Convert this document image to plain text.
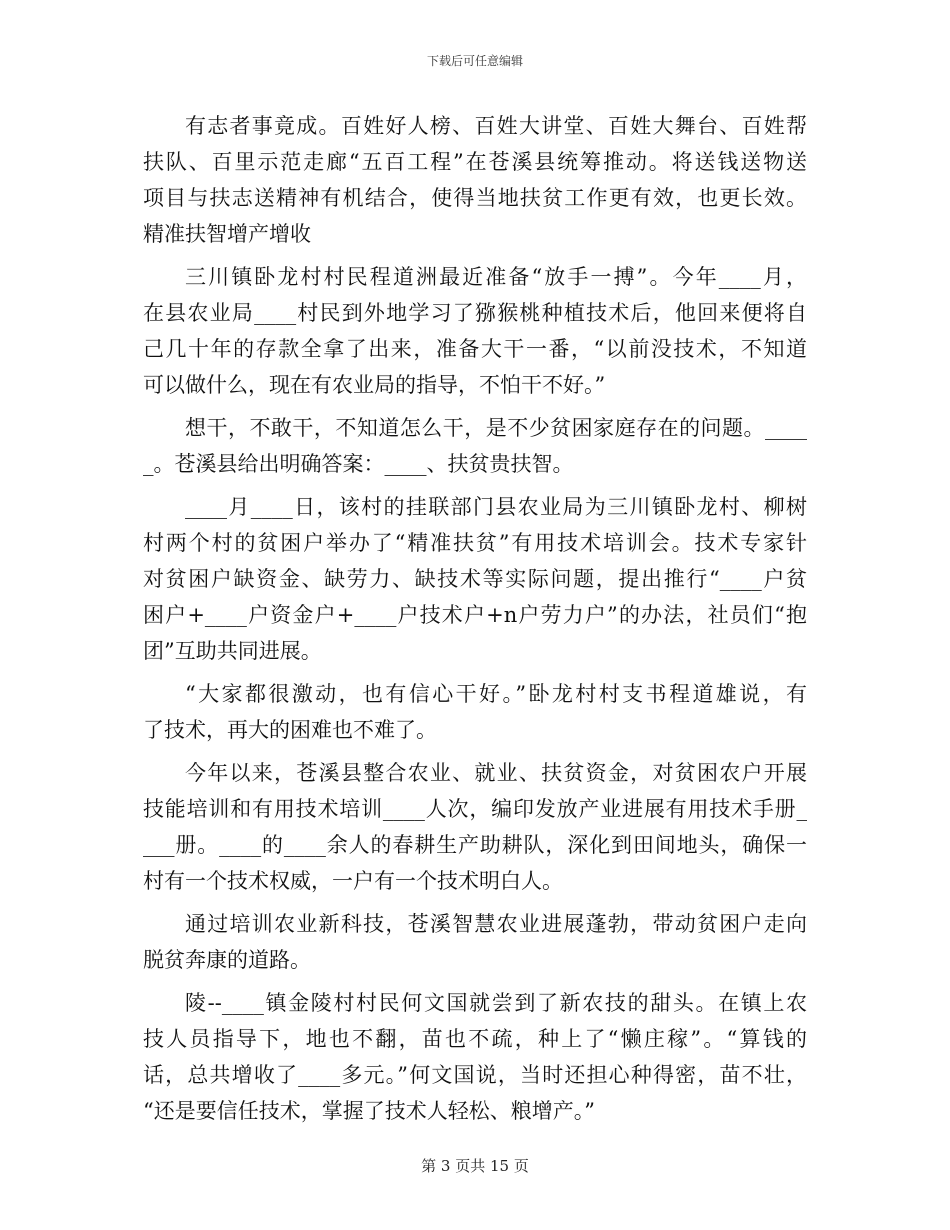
下载后可任意编辑
有志者事竟成。百姓好人榜、百姓大讲堂、百姓大舞台、百姓帮
扶队、百里示范走廊“五百工程”在苍溪县统筹推动。将送钱送物送
项目与扶志送精神有机结合，使得当地扶贫工作更有效，也更长效。
精准扶智增产增收
三川镇卧龙村村民程道洲最近准备“放手一搏”。今年____月，
在县农业局____村民到外地学习了猕猴桃种植技术后，他回来便将自
己几十年的存款全拿了出来，准备大干一番，“以前没技术，不知道
可以做什么，现在有农业局的指导，不怕干不好。”
想干，不敢干，不知道怎么干，是不少贫困家庭存在的问题。____
_。苍溪县给出明确答案：____、扶贫贵扶智。
____月____日，该村的挂联部门县农业局为三川镇卧龙村、柳树
村两个村的贫困户举办了“精准扶贫”有用技术培训会。技术专家针
对贫困户缺资金、缺劳力、缺技术等实际问题，提出推行“____户贫
困户+____户资金户+____户技术户+n户劳力户”的办法，社员们“抱
团”互助共同进展。
“大家都很激动，也有信心干好。”卧龙村村支书程道雄说，有
了技术，再大的困难也不难了。
今年以来，苍溪县整合农业、就业、扶贫资金，对贫困农户开展
技能培训和有用技术培训____人次，编印发放产业进展有用技术手册_
___册。____的____余人的春耕生产助耕队，深化到田间地头，确保一
村有一个技术权威，一户有一个技术明白人。
通过培训农业新科技，苍溪智慧农业进展蓬勃，带动贫困户走向
脱贫奔康的道路。
陵--____镇金陵村村民何文国就尝到了新农技的甜头。在镇上农
技人员指导下，地也不翻，苗也不疏，种上了“懒庄稼”。“算钱的
话，总共增收了____多元。”何文国说，当时还担心种得密，苗不壮，
“还是要信任技术，掌握了技术人轻松、粮增产。”
第 3 页共 15 页
